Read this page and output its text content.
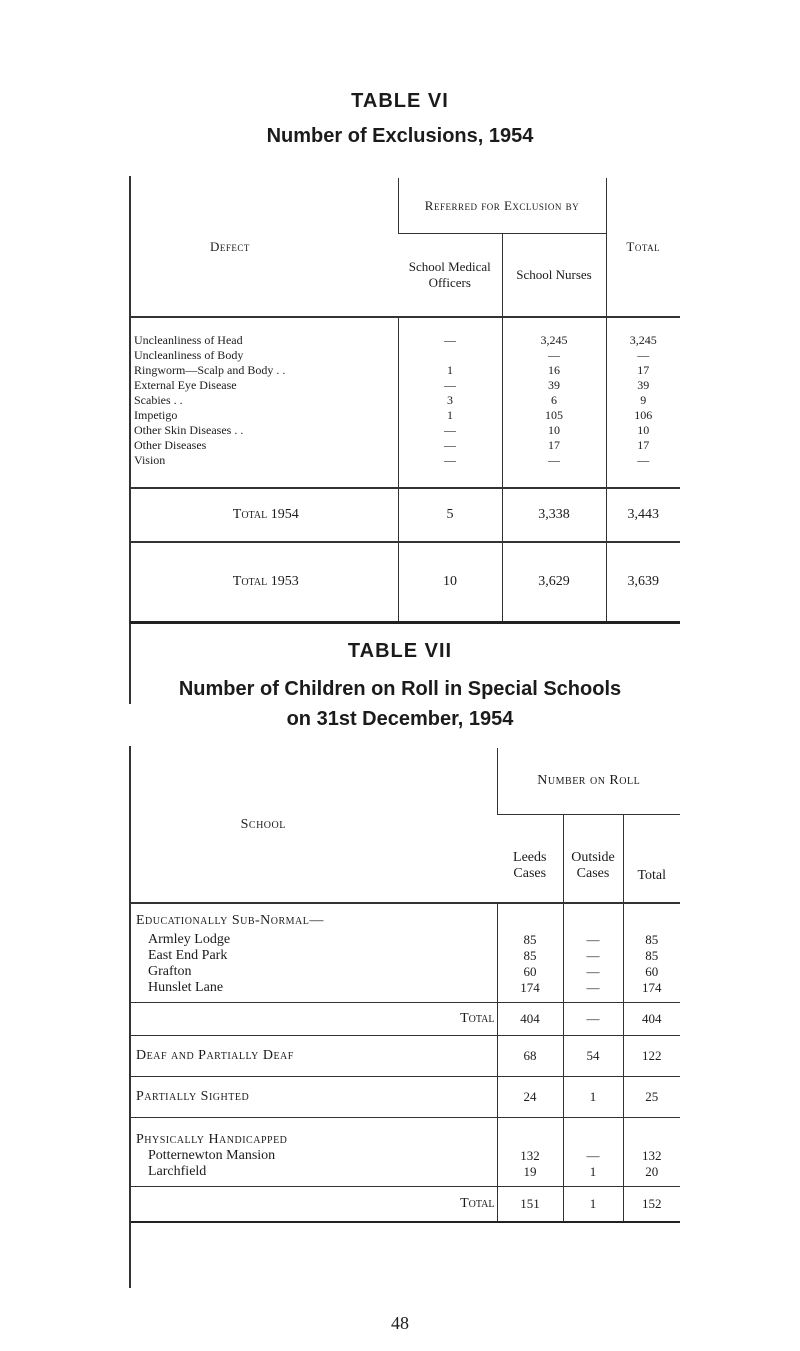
TABLE VI
Number of Exclusions, 1954
Defect	Referred for Exclusion by		Total
	School Medical Officers	School Nurses	

Uncleanliness of Head	—	3,245	3,245
Uncleanliness of Body		—	—
Ringworm—Scalp and Body . .	1	16	17
External Eye Disease	—	39	39
Scabies . .	3	6	9
Impetigo	1	105	106
Other Skin Diseases . .	—	10	10
Other Diseases	—	17	17
Vision	—	—	—

Total 1954	5	3,338	3,443
Total 1953	10	3,629	3,639
TABLE VII
Number of Children on Roll in Special Schools
on 31st December, 1954
School	Number on Roll		
	Leeds Cases	Outside Cases	Total
Educationally Sub-Normal—			
Armley Lodge	85	—	85
East End Park	85	—	85
Grafton	60	—	60
Hunslet Lane	174	—	174
Total	404	—	404
Deaf and Partially Deaf	68	54	122
Partially Sighted	24	1	25
Physically Handicapped			
Potternewton Mansion	132	—	132
Larchfield	19	1	20
Total	151	1	152
48
